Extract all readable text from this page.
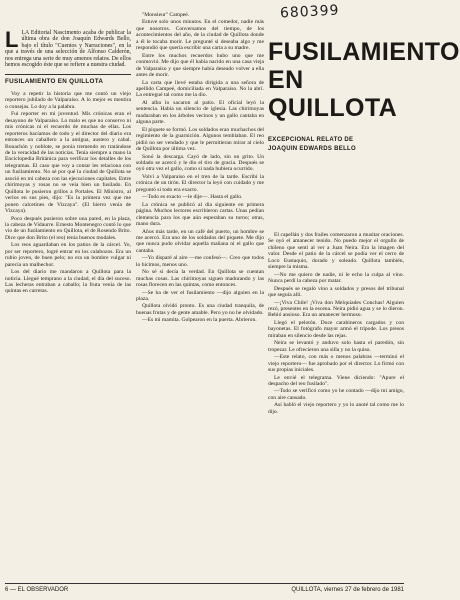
680399
LLA Editorial Nascimento acaba de publicar la última obra de don Joaquín Edwards Bello, bajo el título "Cuentos y Narraciones", en la que a través de una selección de Alfonso Calderón, nos entrega una serie de muy amenos relatos. De ellos hemos escogido éste que se refiere a nuestra ciudad.
FUSILAMIENTO EN QUILLOTA

Voy a repetir la historia que me contó un viejo reportero jubilado de Valparaíso. A lo mejor es mentira o consejas. Lo doy a la palabra.

Fui reporter en mi juventud. Mis crónicas eran el desayuno de Valparaíso. Lo malo es que no conservo ni mis crónicas ni el recuerdo de muchas de ellas. Los reporteros hacíamos de todo y el director del diario era entonces un caballero a la antigua, austero y cabal. Bonachón y noblote, se ponía tremendo en tratándose de la veracidad de las noticias. Tenía siempre a mano la Enciclopedia Británica para verificar los detalles de los telegramas. El caso que voy a contar les relaciona con un fusilamiento. No sé por qué la ciudad de Quillota se asoció en mi cabeza con las ejecuciones capitales. Entre chirimoyas y rosas no se veía bien un fusilado. En Quillota le pusieron grillos a Portales. El Ministro, al verlos en sus pies, dijo: "Es la primera vez que me ponen calcetines de Vizcaya". (El hierro venía de Vizcaya).

Poco después pusieron sobre una pared, en la plaza, la cabeza de Vidaurre. Ernesto Montenegro contó lo que vio de un fusilamiento en Quillota, el de Rosendo Brito. Dice que don Brito (el reo) tenía buenos modales.

Los reos aguardaban en los patios de la cárcel. Yo, por ser reportero, logré entrar en los calabozos. Era un rubio joven, de buen pelo; no era un hombre vulgar ni parecía un malhechor.

Los del diario me mandaron a Quillota para la noticia. Llegué temprano a la ciudad, el día del suceso. Las lecheras entraban a caballo; la fruta venía de las quintas en carretas.

"Monsieur" Campeé.

Estuve solo unos minutos. En el comedor, nadie más que nosotros. Conversamos del tiempo, de los acontecimientos del año, de la ciudad de Quillota donde a él le tocaba morir. Le pregunté si deseaba algo y me respondió que quería escribir una carta a su madre.

Entre los muchos recuerdos hubo uno que me conmovió. Me dijo que él había nacido en una casa vieja de Valparaíso y que siempre había deseado volver a ella antes de morir.

La carta que llevé estaba dirigida a una señora de apellido Campeé, domiciliada en Valparaíso. No la abrí. La entregué tal como me la dio.

Al alba lo sacaron al patio. El oficial leyó la sentencia. Había un silencio de iglesia. Las chirimoyas maduraban en los árboles vecinos y un gallo cantaba en alguna parte.

El piquete se formó. Los soldados eran muchachos del regimiento de la guarnición. Algunos temblaban. El reo pidió no ser vendado y que le permitieran mirar al cielo de Quillota por última vez.

Sonó la descarga. Cayó de lado, sin un grito. Un soldado se acercó y le dio el tiro de gracia. Después se oyó otra vez el gallo, como si nada hubiera ocurrido.

Volví a Valparaíso en el tren de la tarde. Escribí la crónica de un tirón. El director la leyó con cuidado y me preguntó si todo era exacto.

—Todo es exacto —le dije—. Hasta el gallo.

La crónica se publicó al día siguiente en primera página. Muchos lectores escribieron cartas. Unas pedían clemencia para los que aún esperaban su turno; otras, mano dura.

Años más tarde, en un café del puerto, un hombre se me acercó. Era uno de los soldados del piquete. Me dijo que nunca pudo olvidar aquella mañana ni el gallo que cantaba.

—Yo disparé al aire —me confesó—. Creo que todos lo hicimos, menos uno.

No sé si decía la verdad. En Quillota se cuentan muchas cosas. Las chirimoyas siguen madurando y las rosas florecen en las quintas, como entonces.

—Se ha de ver el fusilamiento —dijo alguien en la plaza.

Quillota olvidó pronto. Es una ciudad tranquila, de buenas frutas y de gente amable. Pero yo no he olvidado.

—Es mi mamita. Golpearon en la puerta. Abrieron.

FUSILAMIENTO
EN
QUILLOTA
EXCEPCIONAL RELATO DE
JOAQUIN EDWARDS BELLO

El capellán y dos frailes comenzaron a musitar oraciones. Se oyó el amanecer tenido. No puedo mejor el orgullo de chileno que sentí al ver a Juan Neira. Era la imagen del valor. Desde el patio de la cárcel se podía ver el cerro de Loco Eustaquio, dorado y soleado. Quillota también, siempre la misma.

—No me quiero de nadie, ni le echo la culpa al vino. Nunca perdí la cabeza por matar.

Después se regaló vino a soldados y presos del tribunal que seguía allí.

—¡Viva Chile! ¡Viva don Melquíades Conchas! Alguien rezó, presentes en la escena. Neira pidió agua y se lo dieron. Bebió ansioso. Era un amanecer hermoso.

Llegó el pelotón. Doce carabineros cargados y con bayonetas. El fotógrafo mayor armó el trípode. Los presos miraban en silencio desde las rejas.

Neira se levantó y anduvo solo hasta el paredón, sin tropezar. Le ofrecieron una silla y no la quiso.

—Este relato, con más o menos palabras —terminó el viejo reportero— fue aprobado por el director. Lo firmó con sus propias iniciales.

Le envié el telegrama. Viene diciendo: "Apure el despacho del reo fusilado".

—Todo se verificó como yo he contado —dijo mi amigo, con aire cansado.

Así habló el viejo reportero y yo lo anoté tal como me lo dijo.

6 — EL OBSERVADOR	QUILLOTA, viernes 27 de febrero de 1981
